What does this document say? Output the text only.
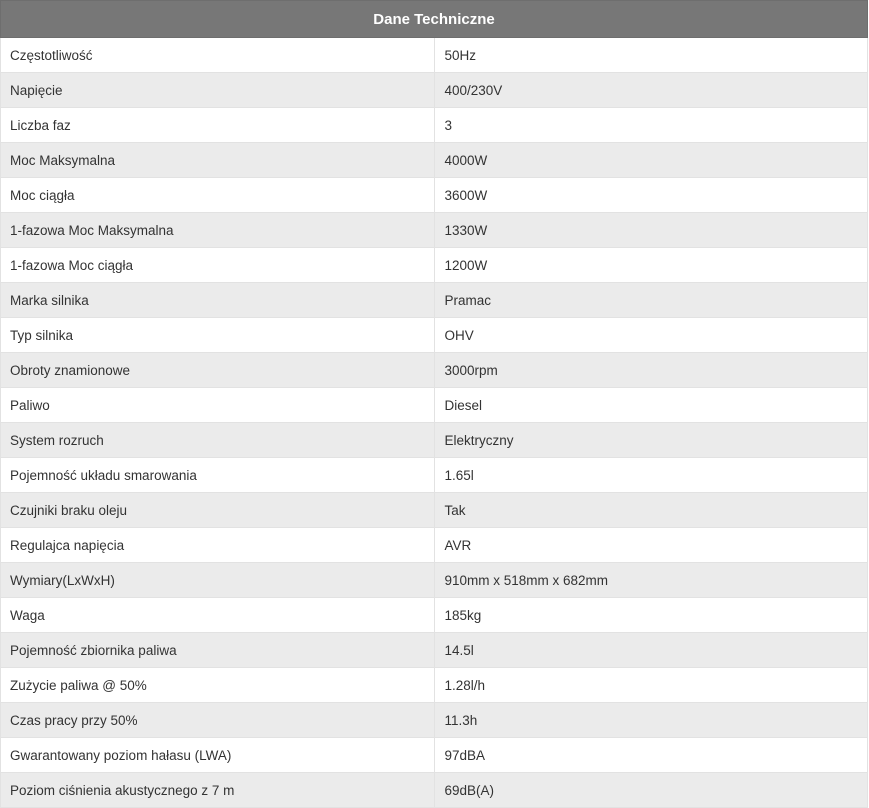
Dane Techniczne	
Częstotliwość	50Hz
Napięcie	400/230V
Liczba faz	3
Moc Maksymalna	4000W
Moc ciągła	3600W
1-fazowa Moc Maksymalna	1330W
1-fazowa Moc ciągła	1200W
Marka silnika	Pramac
Typ silnika	OHV
Obroty znamionowe	3000rpm
Paliwo	Diesel
System rozruch	Elektryczny
Pojemność układu smarowania	1.65l
Czujniki braku oleju	Tak
Regulajca napięcia	AVR
Wymiary(LxWxH)	910mm x 518mm x 682mm
Waga	185kg
Pojemność zbiornika paliwa	14.5l
Zużycie paliwa @ 50%	1.28l/h
Czas pracy przy 50%	11.3h
Gwarantowany poziom hałasu (LWA)	97dBA
Poziom ciśnienia akustycznego z 7 m	69dB(A)
